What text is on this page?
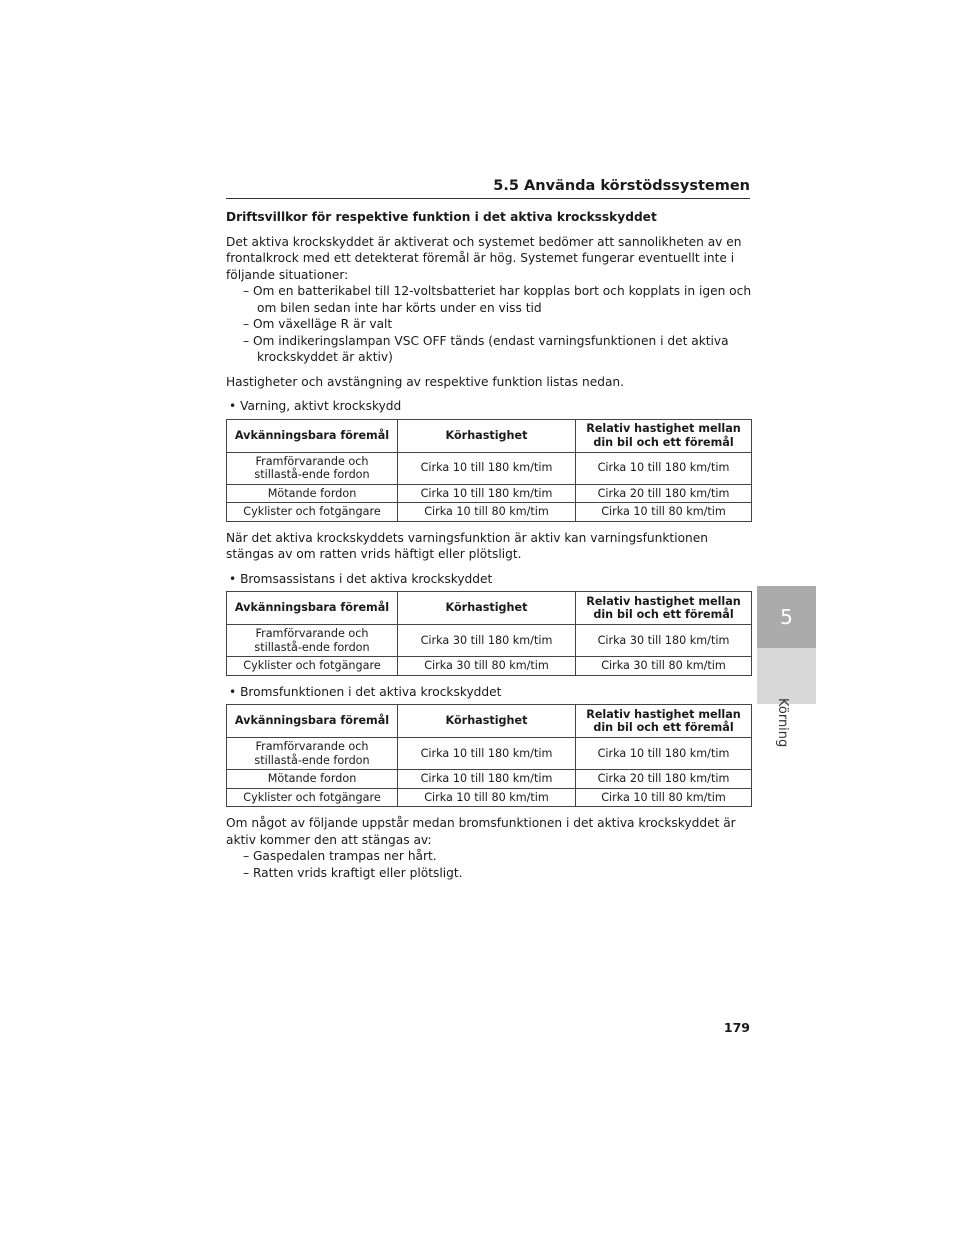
5.5 Använda körstödssystemen

Driftsvillkor för respektive funktion i det aktiva krocksskyddet

Det aktiva krockskyddet är aktiverat och systemet bedömer att sannolikheten av en frontalkrock med ett detekterat föremål är hög. Systemet fungerar eventuellt inte i följande situationer:

– Om en batterikabel till 12-voltsbatteriet har kopplas bort och kopplats in igen och om bilen sedan inte har körts under en viss tid
– Om växelläge R är valt
– Om indikeringslampan VSC OFF tänds (endast varningsfunktionen i det aktiva krockskyddet är aktiv)

Hastigheter och avstängning av respektive funktion listas nedan.

• Varning, aktivt krockskydd
Avkänningsbara föremål	Körhastighet	Relativ hastighet mellan din bil och ett föremål
Framförvarande och stillastå-ende fordon	Cirka 10 till 180 km/tim	Cirka 10 till 180 km/tim
Mötande fordon	Cirka 10 till 180 km/tim	Cirka 20 till 180 km/tim
Cyklister och fotgängare	Cirka 10 till 80 km/tim	Cirka 10 till 80 km/tim

När det aktiva krockskyddets varningsfunktion är aktiv kan varningsfunktionen stängas av om ratten vrids häftigt eller plötsligt.

• Bromsassistans i det aktiva krockskyddet
Avkänningsbara föremål	Körhastighet	Relativ hastighet mellan din bil och ett föremål
Framförvarande och stillastå-ende fordon	Cirka 30 till 180 km/tim	Cirka 30 till 180 km/tim
Cyklister och fotgängare	Cirka 30 till 80 km/tim	Cirka 30 till 80 km/tim
• Bromsfunktionen i det aktiva krockskyddet
Avkänningsbara föremål	Körhastighet	Relativ hastighet mellan din bil och ett föremål
Framförvarande och stillastå-ende fordon	Cirka 10 till 180 km/tim	Cirka 10 till 180 km/tim
Mötande fordon	Cirka 10 till 180 km/tim	Cirka 20 till 180 km/tim
Cyklister och fotgängare	Cirka 10 till 80 km/tim	Cirka 10 till 80 km/tim

Om något av följande uppstår medan bromsfunktionen i det aktiva krockskyddet är aktiv kommer den att stängas av:

– Gaspedalen trampas ner hårt.
– Ratten vrids kraftigt eller plötsligt.
5
Körning
179
